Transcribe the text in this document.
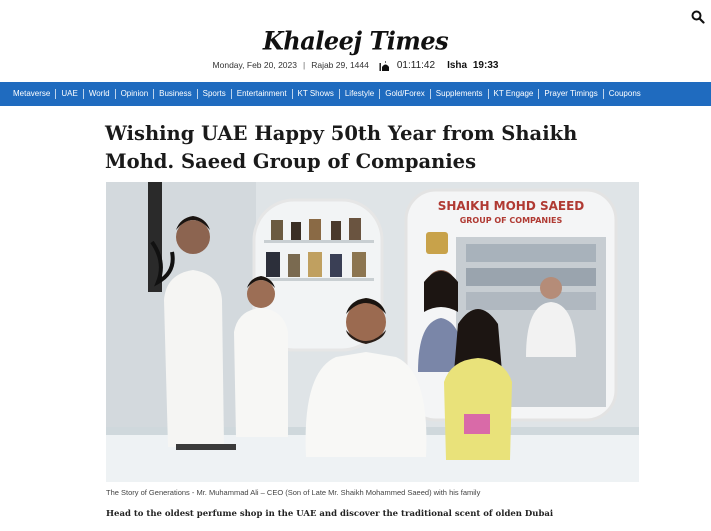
Khaleej Times
Monday, Feb 20, 2023 | Rajab 29, 1444	01:11:42 Isha 19:33
Metaverse	UAE	World	Opinion	Business	Sports	Entertainment	KT Shows	Lifestyle	Gold/Forex	Supplements	KT Engage	Prayer Timings	Coupons
Wishing UAE Happy 50th Year from Shaikh Mohd. Saeed Group of Companies
SHAIKH MOHD SAEED
GROUP OF COMPANIES

The Story of Generations - Mr. Muhammad Ali – CEO (Son of Late Mr. Shaikh Mohammed Saeed) with his family

Head to the oldest perfume shop in the UAE and discover the traditional scent of olden Dubai
